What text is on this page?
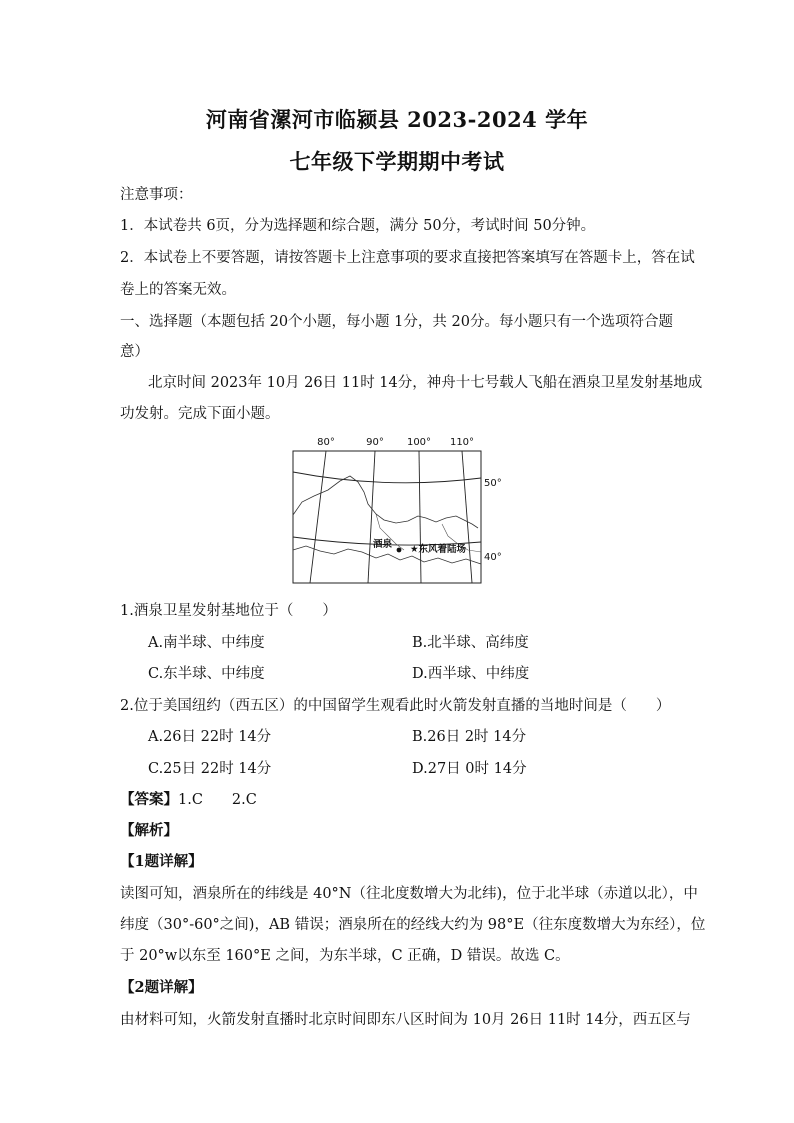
河南省漯河市临颍县 2023-2024 学年
七年级下学期期中考试
注意事项：
1．本试卷共 6页，分为选择题和综合题，满分 50分，考试时间 50分钟。
2．本试卷上不要答题，请按答题卡上注意事项的要求直接把答案填写在答题卡上，答在试
卷上的答案无效。
一、选择题（本题包括 20个小题，每小题 1分，共 20分。每小题只有一个选项符合题
意）
北京时间 2023年 10月 26日 11时 14分，神舟十七号载人飞船在酒泉卫星发射基地成
功发射。完成下面小题。
80°	90° 100° 110°
酒泉 ★东风着陆场
50°
40°
1.酒泉卫星发射基地位于（　　）
A.南半球、中纬度	B.北半球、高纬度
C.东半球、中纬度	D.西半球、中纬度
2.位于美国纽约（西五区）的中国留学生观看此时火箭发射直播的当地时间是（　　）
A.26日 22时 14分	B.26日 2时 14分
C.25日 22时 14分	D.27日 0时 14分
【答案】1.C　　2.C
【解析】
【1题详解】
读图可知，酒泉所在的纬线是 40°N（往北度数增大为北纬)，位于北半球（赤道以北），中
纬度（30°-60°之间)，AB 错误；酒泉所在的经线大约为 98°E（往东度数增大为东经），位
于 20°w以东至 160°E 之间，为东半球，C 正确，D 错误。故选 C。
【2题详解】
由材料可知，火箭发射直播时北京时间即东八区时间为 10月 26日 11时 14分，西五区与
